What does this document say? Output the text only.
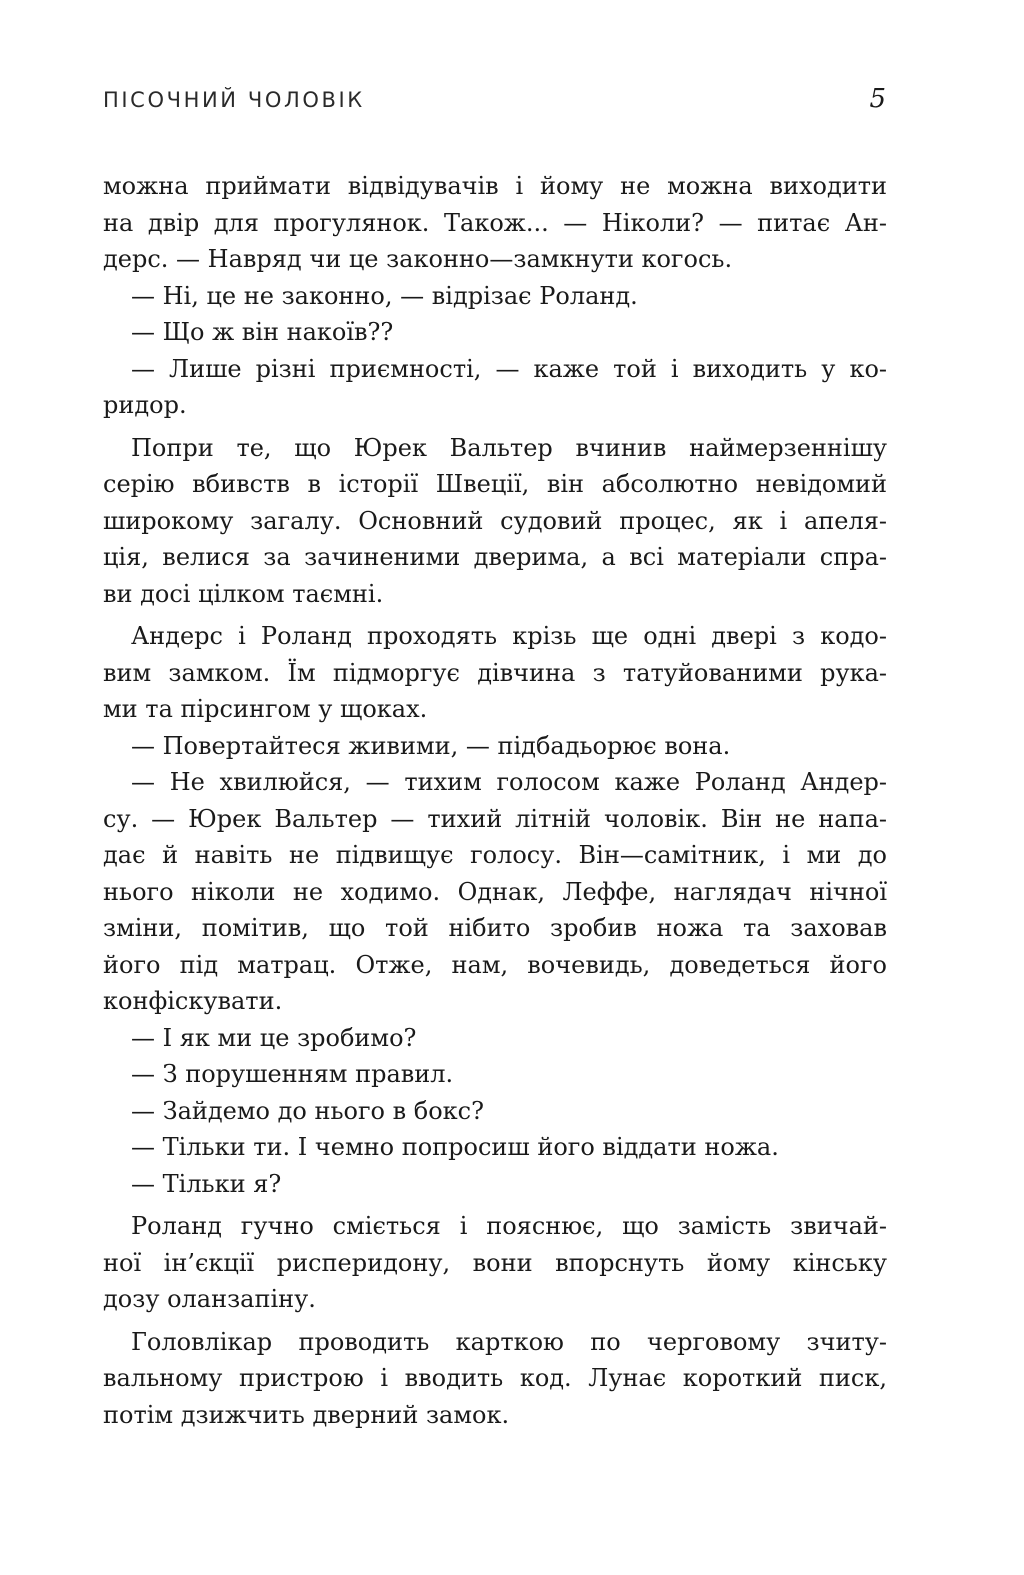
ПІСОЧНИЙ ЧОЛОВІК	5
можна приймати відвідувачів і йому не можна виходити
на двір для прогулянок. Також... — Ніколи? — питає Ан-
дерс. — Навряд чи це законно—замкнути когось.
— Ні, це не законно, — відрізає Роланд.
— Що ж він накоїв??
— Лише різні приємності, — каже той і виходить у ко-
ридор.
Попри те, що Юрек Вальтер вчинив наймерзеннішу
серію вбивств в історії Швеції, він абсолютно невідомий
широкому загалу. Основний судовий процес, як і апеля-
ція, велися за зачиненими дверима, а всі матеріали спра-
ви досі цілком таємні.
Андерс і Роланд проходять крізь ще одні двері з кодо-
вим замком. Їм підморгує дівчина з татуйованими рука-
ми та пірсингом у щоках.
— Повертайтеся живими, — підбадьорює вона.
— Не хвилюйся, — тихим голосом каже Роланд Андер-
су. — Юрек Вальтер — тихий літній чоловік. Він не напа-
дає й навіть не підвищує голосу. Він—самітник, і ми до
нього ніколи не ходимо. Однак, Леффе, наглядач нічної
зміни, помітив, що той нібито зробив ножа та заховав
його під матрац. Отже, нам, вочевидь, доведеться його
конфіскувати.
— І як ми це зробимо?
— З порушенням правил.
— Зайдемо до нього в бокс?
— Тільки ти. І чемно попросиш його віддати ножа.
— Тільки я?
Роланд гучно сміється і пояснює, що замість звичай-
ної ін’єкції рисперидону, вони впорснуть йому кінську
дозу оланзапіну.
Головлікар проводить карткою по черговому зчиту-
вальному пристрою і вводить код. Лунає короткий писк,
потім дзижчить дверний замок.
